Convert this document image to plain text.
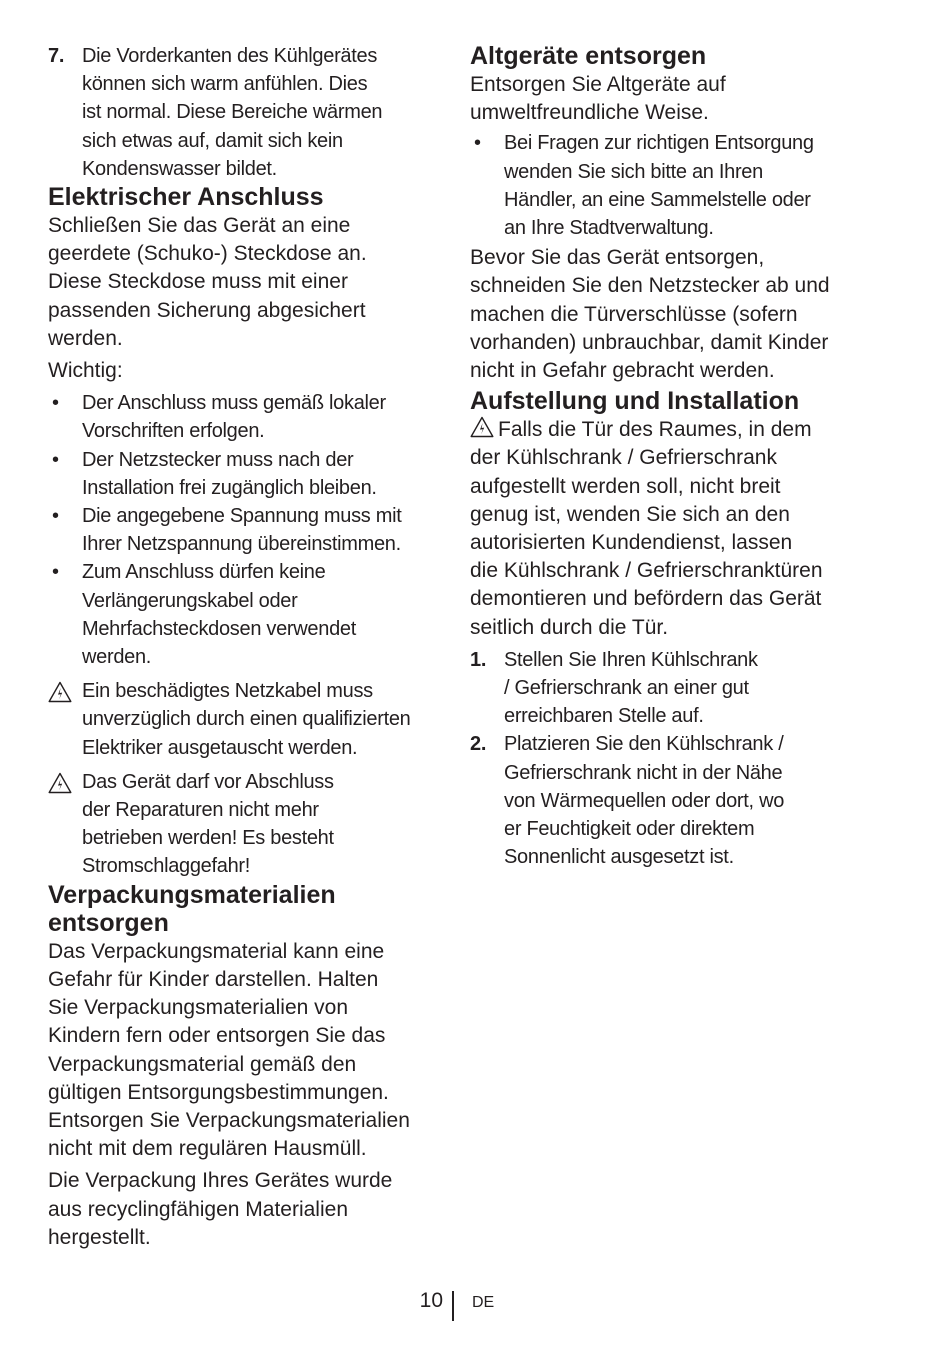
7. Die Vorderkanten des Kühlgerätes
können sich warm anfühlen. Dies
ist normal. Diese Bereiche wärmen
sich etwas auf, damit sich kein
Kondenswasser bildet.
Elektrischer Anschluss

Schließen Sie das Gerät an eine
geerdete (Schuko-) Steckdose an.
Diese Steckdose muss mit einer
passenden Sicherung abgesichert
werden.

Wichtig:

•	Der Anschluss muss gemäß lokaler
Vorschriften erfolgen.
•	Der Netzstecker muss nach der
Installation frei zugänglich bleiben.
•	Die angegebene Spannung muss mit
Ihrer Netzspannung übereinstimmen.
•	Zum Anschluss dürfen keine
Verlängerungskabel oder
Mehrfachsteckdosen verwendet
werden.
Ein beschädigtes Netzkabel muss
unverzüglich durch einen qualifizierten
Elektriker ausgetauscht werden.
Das Gerät darf vor Abschluss
der Reparaturen nicht mehr
betrieben werden! Es besteht
Stromschlaggefahr!
Verpackungsmaterialien
entsorgen

Das Verpackungsmaterial kann eine
Gefahr für Kinder darstellen. Halten
Sie Verpackungsmaterialien von
Kindern fern oder entsorgen Sie das
Verpackungsmaterial gemäß den
gültigen Entsorgungsbestimmungen.
Entsorgen Sie Verpackungsmaterialien
nicht mit dem regulären Hausmüll.

Die Verpackung Ihres Gerätes wurde
aus recyclingfähigen Materialien
hergestellt.

Altgeräte entsorgen

Entsorgen Sie Altgeräte auf
umweltfreundliche Weise.

•	Bei Fragen zur richtigen Entsorgung
wenden Sie sich bitte an Ihren
Händler, an eine Sammelstelle oder
an Ihre Stadtverwaltung.

Bevor Sie das Gerät entsorgen,
schneiden Sie den Netzstecker ab und
machen die Türverschlüsse (sofern
vorhanden) unbrauchbar, damit Kinder
nicht in Gefahr gebracht werden.

Aufstellung und Installation

Falls die Tür des Raumes, in dem
der Kühlschrank / Gefrierschrank
aufgestellt werden soll, nicht breit
genug ist, wenden Sie sich an den
autorisierten Kundendienst, lassen
die Kühlschrank / Gefrierschranktüren
demontieren und befördern das Gerät
seitlich durch die Tür.

1. Stellen Sie Ihren Kühlschrank
/ Gefrierschrank an einer gut
erreichbaren Stelle auf.
2. Platzieren Sie den Kühlschrank /
Gefrierschrank nicht in der Nähe
von Wärmequellen oder dort, wo
er Feuchtigkeit oder direktem
Sonnenlicht ausgesetzt ist.
10 DE
